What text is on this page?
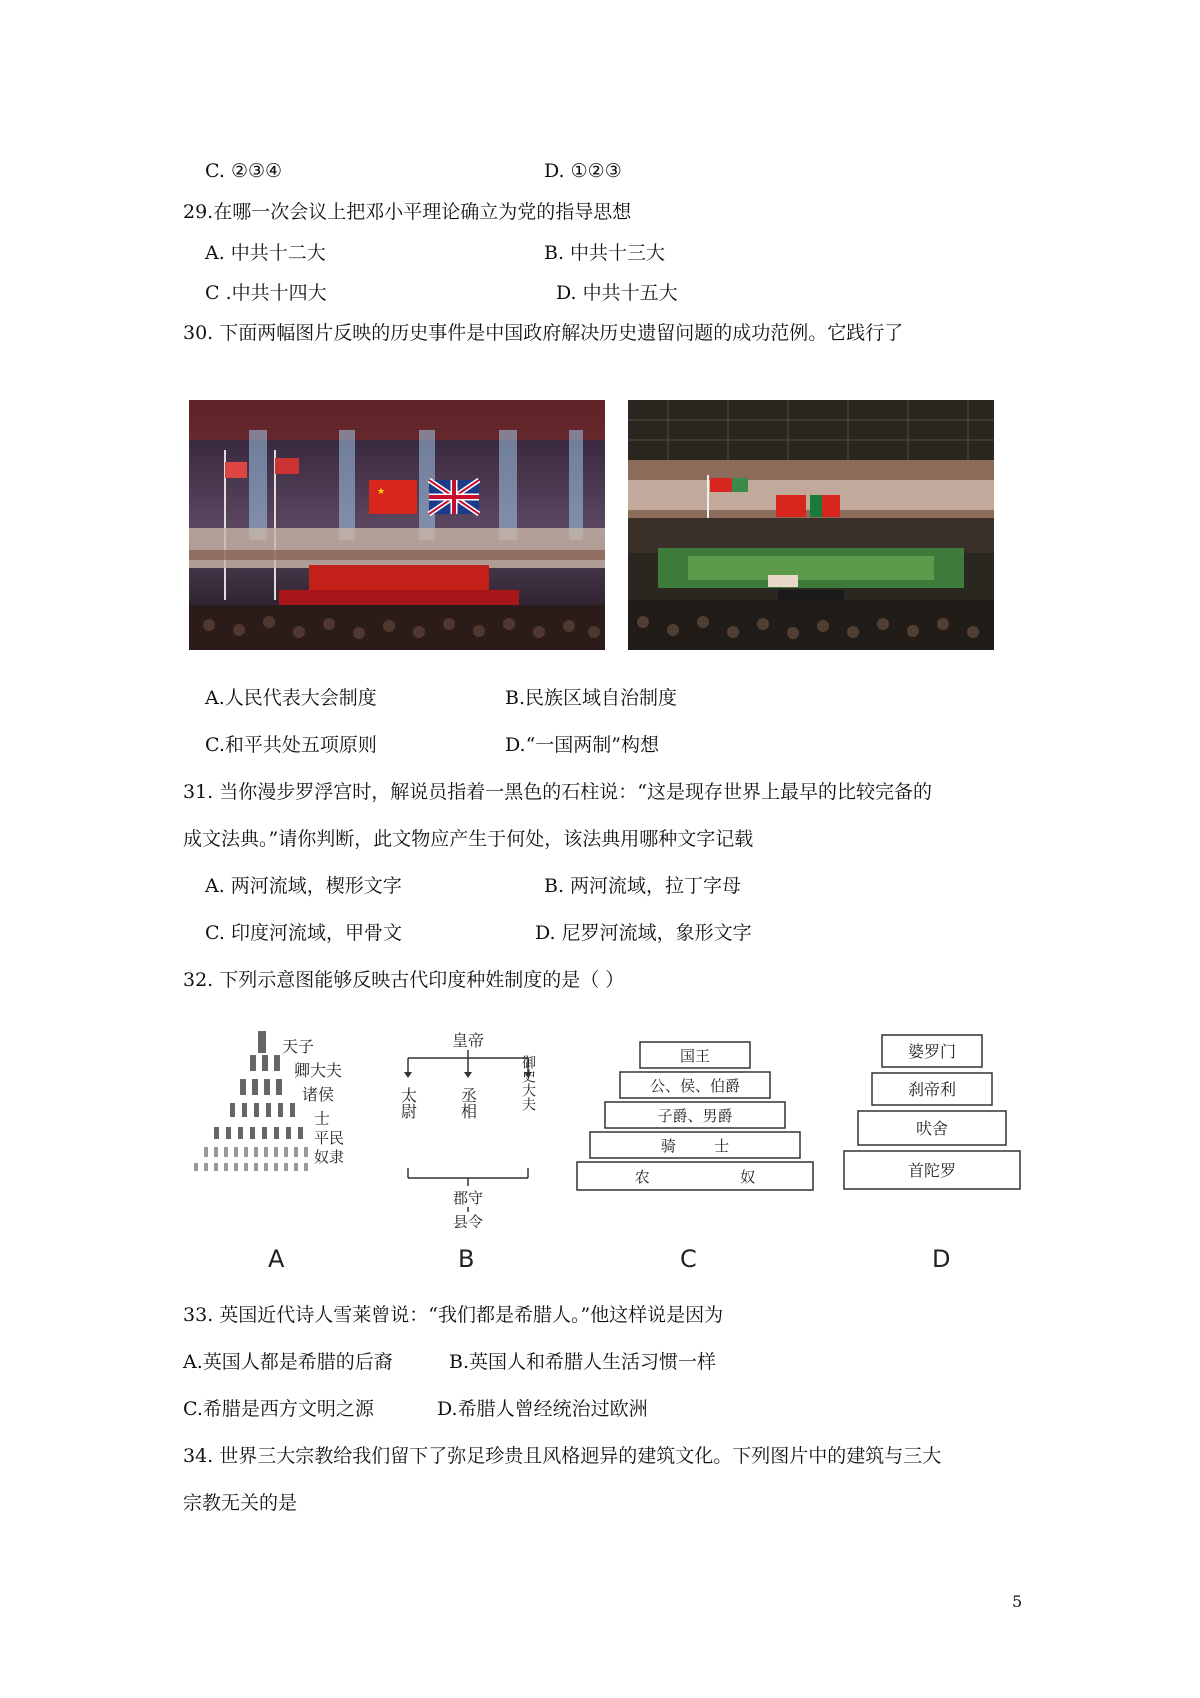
C. ②③④	D. ①②③
29.在哪一次会议上把邓小平理论确立为党的指导思想
A. 中共十二大	B. 中共十三大
C .中共十四大	D. 中共十五大
30. 下面两幅图片反映的历史事件是中国政府解决历史遗留问题的成功范例。它践行了
★
A.人民代表大会制度	B.民族区域自治制度
C.和平共处五项原则	D.“一国两制”构想
31. 当你漫步罗浮宫时，解说员指着一黑色的石柱说：“这是现存世界上最早的比较完备的
成文法典。”请你判断，此文物应产生于何处，该法典用哪种文字记载
A. 两河流域，楔形文字	B. 两河流域，拉丁字母
C. 印度河流域，甲骨文	D. 尼罗河流域，象形文字
32. 下列示意图能够反映古代印度种姓制度的是（ ）
天子
卿大夫
诸侯
士
平民
奴隶
A
皇帝
太尉	丞相	御史大夫
郡守
县令
B
国王
公、侯、伯爵
子爵、男爵
骑        士
农                   奴
C
婆罗门
刹帝利
吠舍
首陀罗
D
33. 英国近代诗人雪莱曾说：“我们都是希腊人。”他这样说是因为
A.英国人都是希腊的后裔	B.英国人和希腊人生活习惯一样
C.希腊是西方文明之源	D.希腊人曾经统治过欧洲
34. 世界三大宗教给我们留下了弥足珍贵且风格迥异的建筑文化。下列图片中的建筑与三大
宗教无关的是
5
